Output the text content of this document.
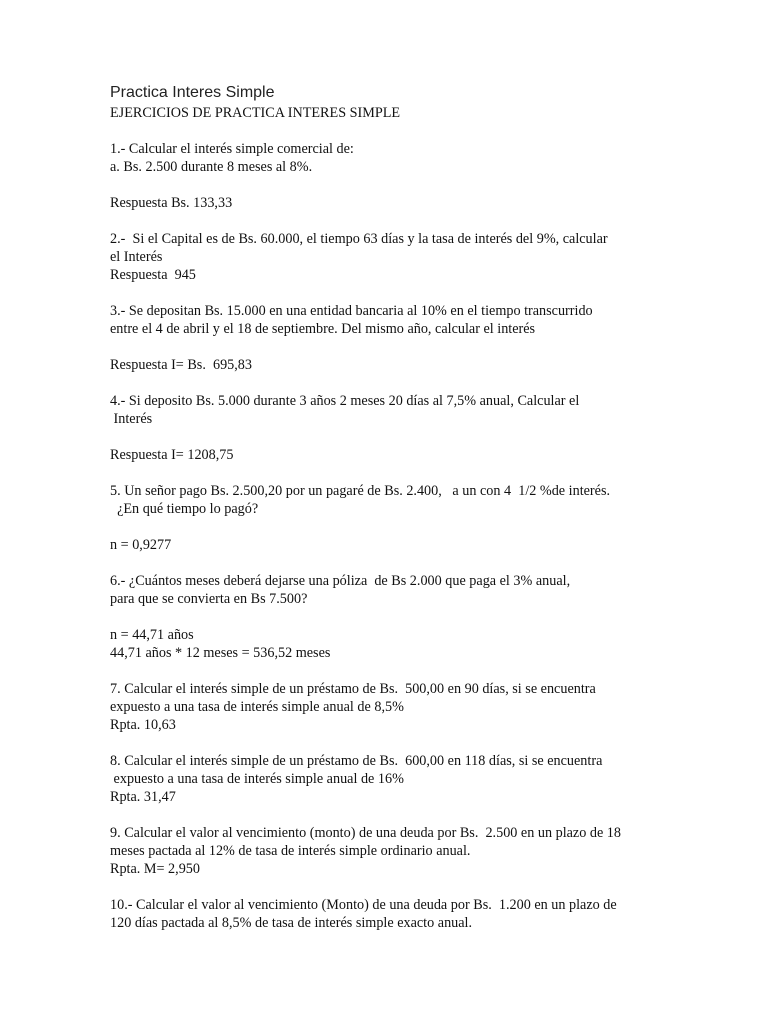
Practica Interes Simple
EJERCICIOS DE PRACTICA INTERES SIMPLE
1.- Calcular el interés simple comercial de:
a. Bs. 2.500 durante 8 meses al 8%.
Respuesta Bs. 133,33
2.-  Si el Capital es de Bs. 60.000, el tiempo 63 días y la tasa de interés del 9%, calcular
el Interés
Respuesta  945
3.- Se depositan Bs. 15.000 en una entidad bancaria al 10% en el tiempo transcurrido
entre el 4 de abril y el 18 de septiembre. Del mismo año, calcular el interés
Respuesta I= Bs.  695,83
4.- Si deposito Bs. 5.000 durante 3 años 2 meses 20 días al 7,5% anual, Calcular el
Interés
Respuesta I= 1208,75
5. Un señor pago Bs. 2.500,20 por un pagaré de Bs. 2.400,   a un con 4  1/2 %de interés.
¿En qué tiempo lo pagó?
n = 0,9277
6.- ¿Cuántos meses deberá dejarse una póliza  de Bs 2.000 que paga el 3% anual,
para que se convierta en Bs 7.500?
n = 44,71 años
44,71 años * 12 meses = 536,52 meses
7. Calcular el interés simple de un préstamo de Bs.  500,00 en 90 días, si se encuentra
expuesto a una tasa de interés simple anual de 8,5%
Rpta. 10,63
8. Calcular el interés simple de un préstamo de Bs.  600,00 en 118 días, si se encuentra
expuesto a una tasa de interés simple anual de 16%
Rpta. 31,47
9. Calcular el valor al vencimiento (monto) de una deuda por Bs.  2.500 en un plazo de 18
meses pactada al 12% de tasa de interés simple ordinario anual.
Rpta. M= 2,950
10.- Calcular el valor al vencimiento (Monto) de una deuda por Bs.  1.200 en un plazo de
120 días pactada al 8,5% de tasa de interés simple exacto anual.
